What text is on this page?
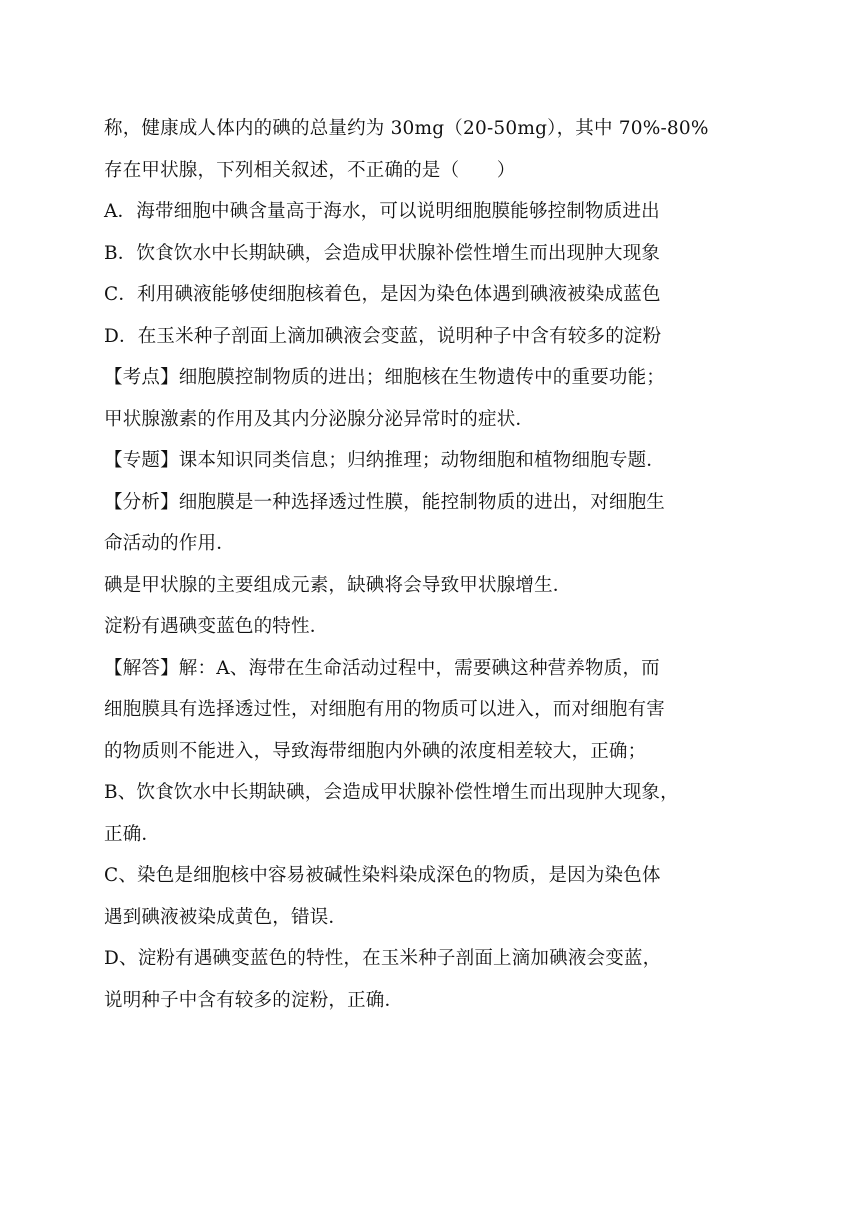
称，健康成人体内的碘的总量约为 30mg（20-50mg），其中 70%-80%
存在甲状腺，下列相关叙述，不正确的是（　　）
A．海带细胞中碘含量高于海水，可以说明细胞膜能够控制物质进出
B．饮食饮水中长期缺碘，会造成甲状腺补偿性增生而出现肿大现象
C．利用碘液能够使细胞核着色，是因为染色体遇到碘液被染成蓝色
D．在玉米种子剖面上滴加碘液会变蓝，说明种子中含有较多的淀粉
【考点】细胞膜控制物质的进出；细胞核在生物遗传中的重要功能；
甲状腺激素的作用及其内分泌腺分泌异常时的症状．
【专题】课本知识同类信息；归纳推理；动物细胞和植物细胞专题．
【分析】细胞膜是一种选择透过性膜，能控制物质的进出，对细胞生
命活动的作用．
碘是甲状腺的主要组成元素，缺碘将会导致甲状腺增生．
淀粉有遇碘变蓝色的特性．
【解答】解：A、海带在生命活动过程中，需要碘这种营养物质，而
细胞膜具有选择透过性，对细胞有用的物质可以进入，而对细胞有害
的物质则不能进入，导致海带细胞内外碘的浓度相差较大，正确；
B、饮食饮水中长期缺碘，会造成甲状腺补偿性增生而出现肿大现象，
正确．
C、染色是细胞核中容易被碱性染料染成深色的物质，是因为染色体
遇到碘液被染成黄色，错误．
D、淀粉有遇碘变蓝色的特性，在玉米种子剖面上滴加碘液会变蓝，
说明种子中含有较多的淀粉，正确．
